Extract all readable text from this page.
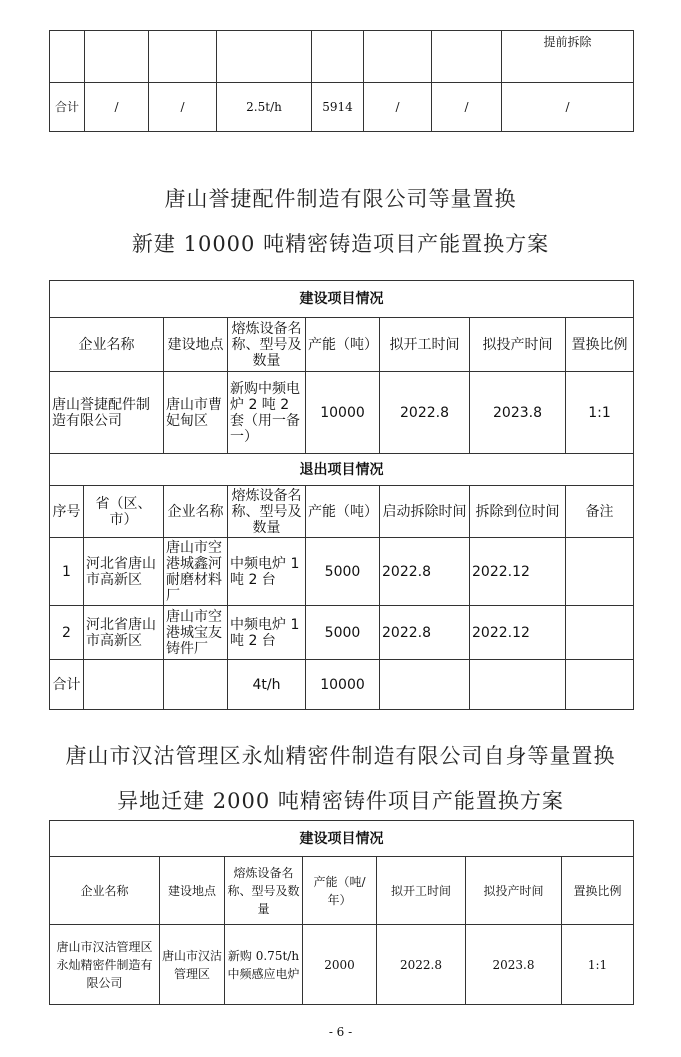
							提前拆除
合计	/	/	2.5t/h	5914	/	/	/
唐山誉捷配件制造有限公司等量置换
新建 10000 吨精密铸造项目产能置换方案
建设项目情况							
企业名称		建设地点	熔炼设备名称、型号及数量	产能（吨）	拟开工时间	拟投产时间	置换比例
唐山誉捷配件制造有限公司		唐山市曹妃甸区	新购中频电炉 2 吨 2 套（用一备一）	10000	2022.8	2023.8	1:1
退出项目情况							
序号	省（区、市）	企业名称	熔炼设备名称、型号及数量	产能（吨）	启动拆除时间	拆除到位时间	备注
1	河北省唐山市高新区	唐山市空港城鑫河耐磨材料厂	中频电炉 1 吨 2 台	5000	2022.8	2022.12	
2	河北省唐山市高新区	唐山市空港城宝友铸件厂	中频电炉 1 吨 2 台	5000	2022.8	2022.12	
合计			4t/h	10000			
唐山市汉沽管理区永灿精密件制造有限公司自身等量置换
异地迁建 2000 吨精密铸件项目产能置换方案
建设项目情况						
企业名称	建设地点	熔炼设备名称、型号及数量	产能（吨/年）	拟开工时间	拟投产时间	置换比例
唐山市汉沽管理区永灿精密件制造有限公司	唐山市汉沽管理区	新购 0.75t/h 中频感应电炉	2000	2022.8	2023.8	1:1
- 6 -
